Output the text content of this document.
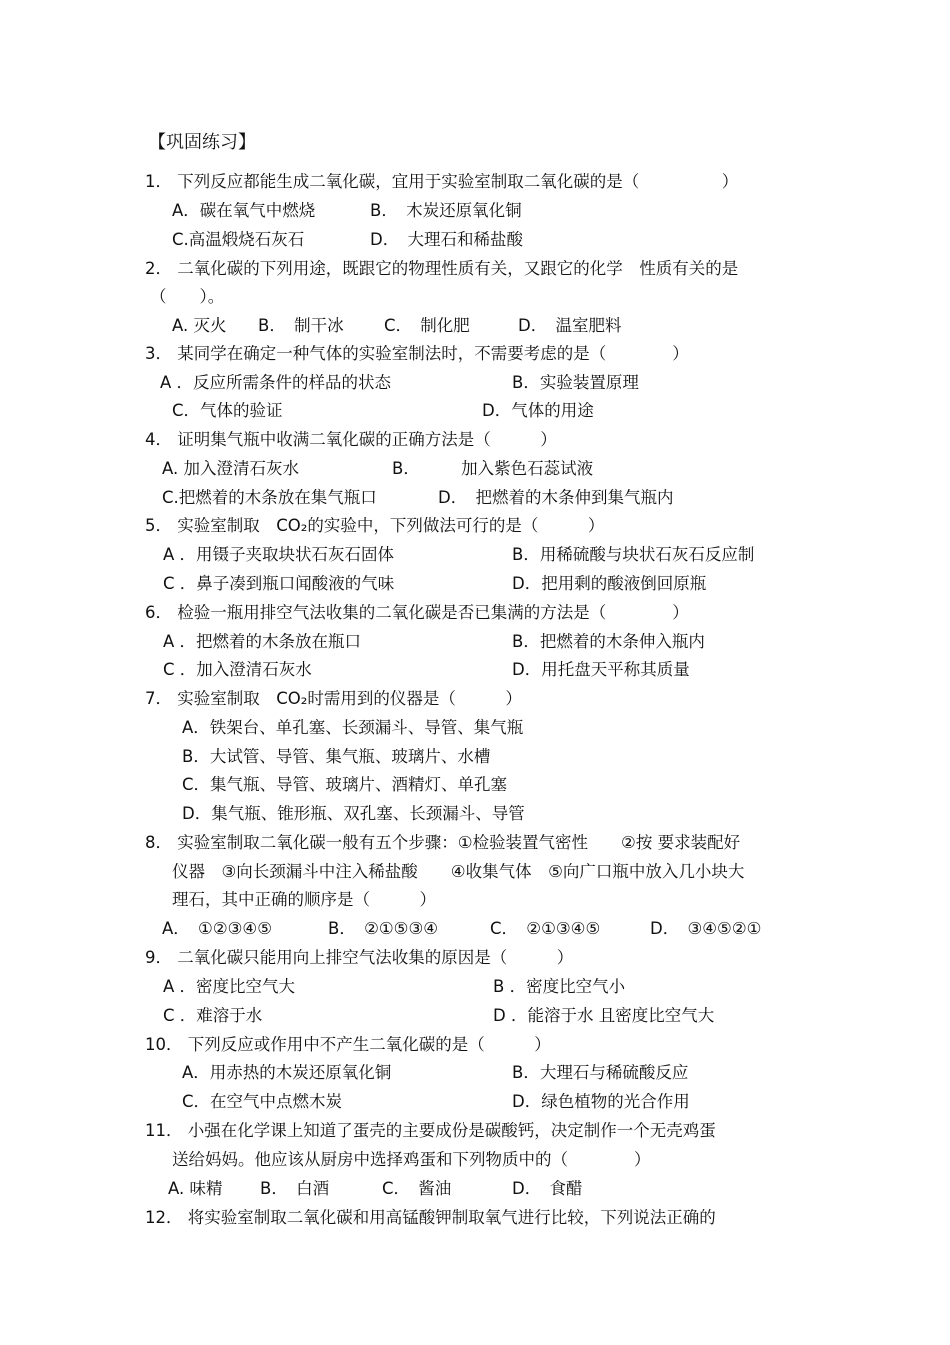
【巩固练习】
1． 下列反应都能生成二氧化碳，宜用于实验室制取二氧化碳的是（　　　　　）
A．碳在氧气中燃烧	B．　木炭还原氧化铜
C.高温煅烧石灰石	D．　大理石和稀盐酸
2． 二氧化碳的下列用途，既跟它的物理性质有关，又跟它的化学　性质有关的是
（　　）。
A. 灭火 B．　制干冰 C．　制化肥	D．　温室肥料
3． 某同学在确定一种气体的实验室制法时，不需要考虑的是（　　　　）
A ．反应所需条件的样品的状态	B．实验装置原理
C．气体的验证	D．气体的用途
4． 证明集气瓶中收满二氧化碳的正确方法是（　　　）
A. 加入澄清石灰水	B．　　　加入紫色石蕊试液
C.把燃着的木条放在集气瓶口	D．　把燃着的木条伸到集气瓶内
5． 实验室制取　CO₂的实验中，下列做法可行的是（　　　）
A ．用镊子夹取块状石灰石固体	B．用稀硫酸与块状石灰石反应制
C ．鼻子凑到瓶口闻酸液的气味	D．把用剩的酸液倒回原瓶
6． 检验一瓶用排空气法收集的二氧化碳是否已集满的方法是（　　　　）
A ．把燃着的木条放在瓶口	B．把燃着的木条伸入瓶内
C ．加入澄清石灰水	D．用托盘天平称其质量
7． 实验室制取　CO₂时需用到的仪器是（　　　）
A．铁架台、单孔塞、长颈漏斗、导管、集气瓶
B．大试管、导管、集气瓶、玻璃片、水槽
C．集气瓶、导管、玻璃片、酒精灯、单孔塞
D．集气瓶、锥形瓶、双孔塞、长颈漏斗、导管
8． 实验室制取二氧化碳一般有五个步骤：①检验装置气密性　　②按 要求装配好
仪器　③向长颈漏斗中注入稀盐酸　　④收集气体　⑤向广口瓶中放入几小块大
理石，其中正确的顺序是（　　　）
A．　①②③④⑤	B．　②①⑤③④	C．　②①③④⑤	D．　③④⑤②①
9． 二氧化碳只能用向上排空气法收集的原因是（　　　）
A ．密度比空气大	B ．密度比空气小
C ．难溶于水	D ．能溶于水 且密度比空气大
10． 下列反应或作用中不产生二氧化碳的是（　　　）
A．用赤热的木炭还原氧化铜	B．大理石与稀硫酸反应
C．在空气中点燃木炭	D．绿色植物的光合作用
11． 小强在化学课上知道了蛋壳的主要成份是碳酸钙，决定制作一个无壳鸡蛋
送给妈妈。他应该从厨房中选择鸡蛋和下列物质中的（　　　　）
A. 味精 B．　白酒	C．　酱油	D．　食醋
12． 将实验室制取二氧化碳和用高锰酸钾制取氧气进行比较，下列说法正确的
